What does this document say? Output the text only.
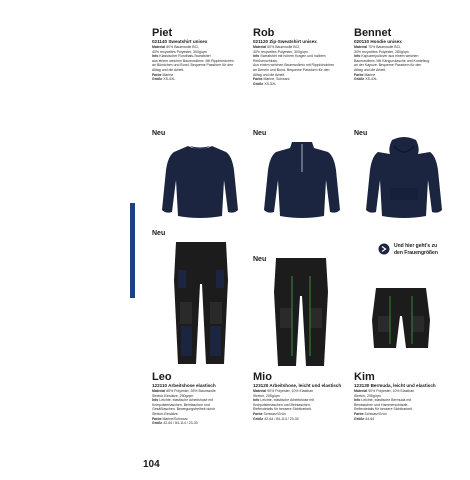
Piet

021140 Sweatshirt unisex

Material 60% Baumwolle BCI,

40% recyceltes Polyester, 300g/qm

Info Klassischer Rundhals-Sweatshirt

aus einem weichen Baumwollmix. Mit Rippbündchen

an Bündchen und Bund. Bequeme Passform für den

Alltag und die Arbeit.

Farbe Marine

Größe XS-4XL

Rob

021120 Zip-Sweatshirt unisex

Material 60% Baumwolle BCI,

40% recyceltes Polyester, 300g/qm

Info Sweatshirt mit hohem Kragen und halbem Reißverschluss.

Aus einem weichen Baumwollmix mit Rippbündchen

an Ärmeln und Bund. Bequeme Passform für den

Alltag und die Arbeit.

Farbe Marine, Schwarz

Größe XS-5XL

Bennet

020110 Hoodie unisex

Material 70% Baumwolle BCI,

30% recyceltes Polyester, 280g/qm

Info Kapuzenpullover aus einem weichen

Baumwollmix. Mit Kängurutasche und Kordelzug

an der Kapuze. Bequeme Passform für den

Alltag und die Arbeit.

Farbe Marine

Größe XS-4XL

Neu	Neu	Neu
Und hier geht's zu
den Frauengrößen
Neu
Neu

Leo

122110 Arbeitshose elastisch

Material 65% Polyester, 35% Baumwolle

Stretch-Einsätze, 250g/qm

Info Leichte, elastische Arbeitshose mit

Kniepolstertaschen, Beintaschen und

Gesäßtaschen. Bewegungsfreiheit durch

Stretch-Einsätze.

Farbe Marine/Schwarz

Größe 42-64 / 84-114 / 23-30

Mio

123120 Arbeitshose, leicht und elastisch

Material 90% Polyester, 10% Elasthan

Stretch, 205g/qm

Info Leichte, elastische Arbeitshose mit

Kniepolstertaschen und Beintaschen.

Reflexdetails für bessere Sichtbarkeit.

Farbe Schwarz/Grün

Größe 42-64 / 84-114 / 23-30

Kim

123130 Bermuda, leicht und elastisch

Material 90% Polyester, 10% Elasthan

Stretch, 205g/qm

Info Leichte, elastische Bermuda mit

Beintaschen und Hammerschlaufe.

Reflexdetails für bessere Sichtbarkeit.

Farbe Schwarz/Grün

Größe 44-64

104
